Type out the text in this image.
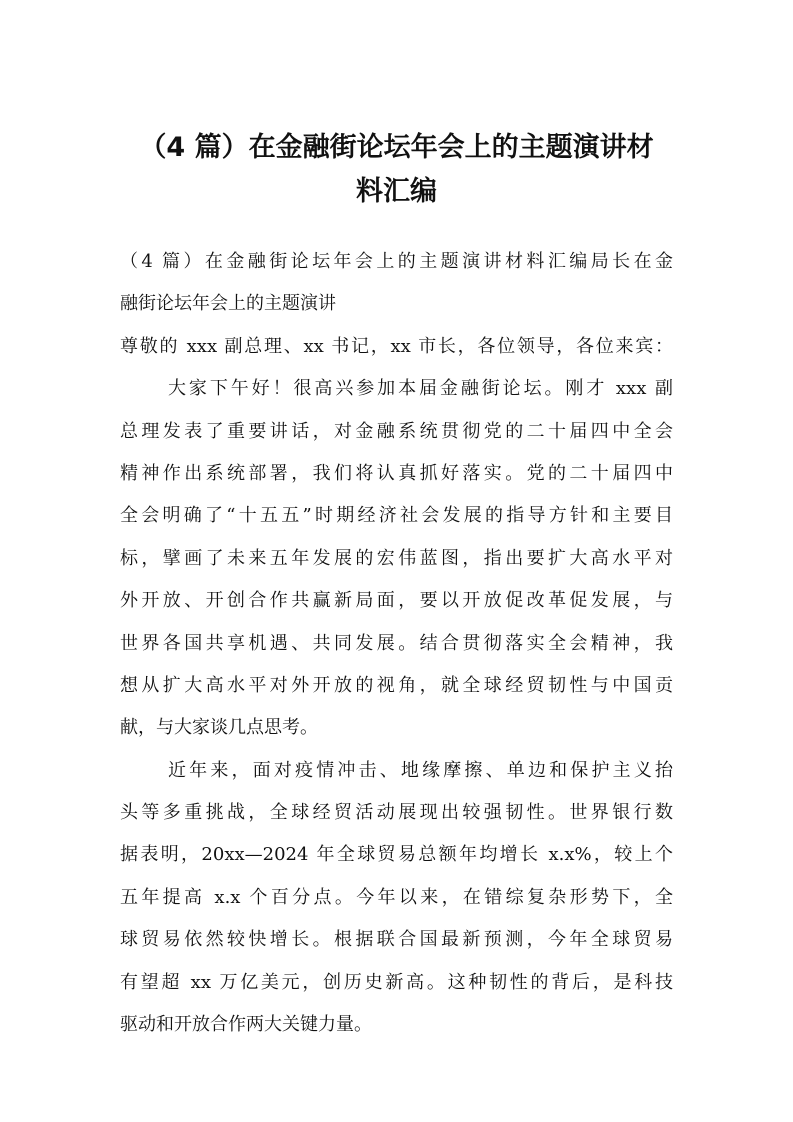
（4 篇）在金融街论坛年会上的主题演讲材
料汇编
（4 篇）在金融街论坛年会上的主题演讲材料汇编局长在金
融街论坛年会上的主题演讲
尊敬的 xxx 副总理、xx 书记，xx 市长，各位领导，各位来宾：
大家下午好！很高兴参加本届金融街论坛。刚才 xxx 副
总理发表了重要讲话，对金融系统贯彻党的二十届四中全会
精神作出系统部署，我们将认真抓好落实。党的二十届四中
全会明确了“十五五”时期经济社会发展的指导方针和主要目
标，擘画了未来五年发展的宏伟蓝图，指出要扩大高水平对
外开放、开创合作共赢新局面，要以开放促改革促发展，与
世界各国共享机遇、共同发展。结合贯彻落实全会精神，我
想从扩大高水平对外开放的视角，就全球经贸韧性与中国贡
献，与大家谈几点思考。
近年来，面对疫情冲击、地缘摩擦、单边和保护主义抬
头等多重挑战，全球经贸活动展现出较强韧性。世界银行数
据表明，20xx—2024 年全球贸易总额年均增长 x.x%，较上个
五年提高 x.x 个百分点。今年以来，在错综复杂形势下，全
球贸易依然较快增长。根据联合国最新预测，今年全球贸易
有望超 xx 万亿美元，创历史新高。这种韧性的背后，是科技
驱动和开放合作两大关键力量。
